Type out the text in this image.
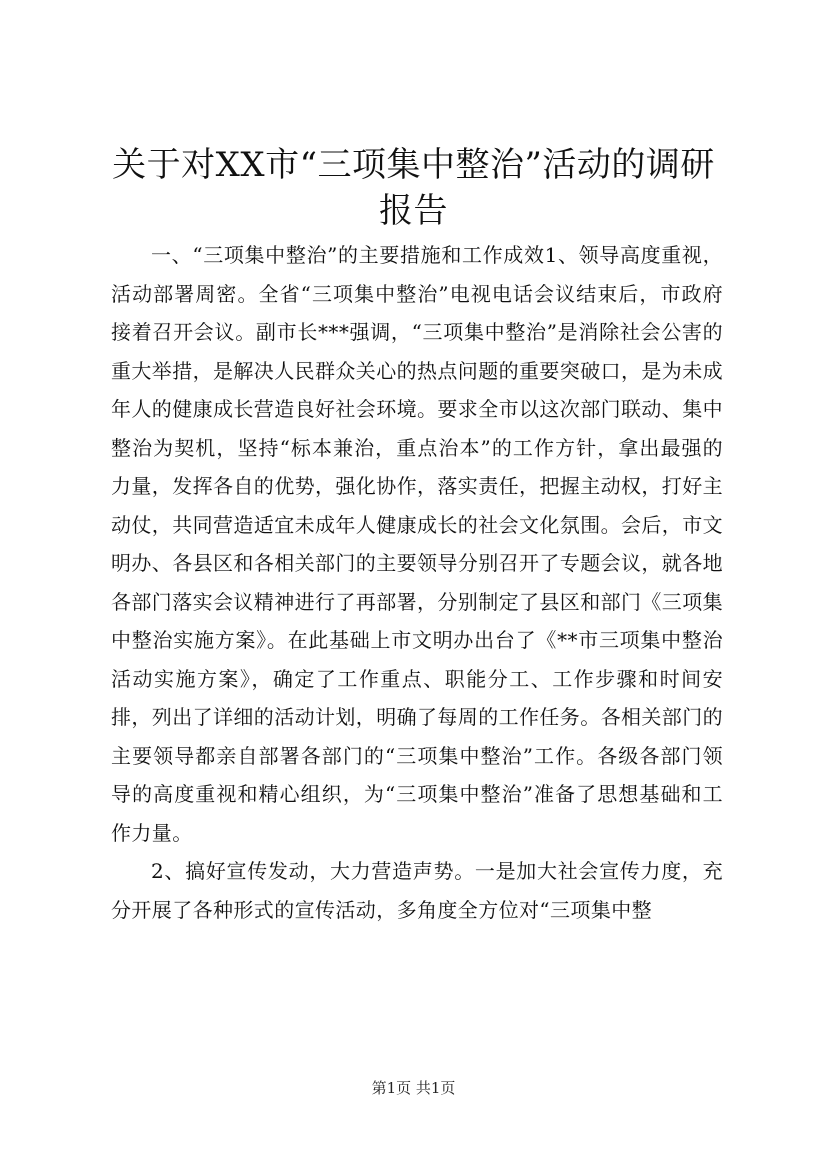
关于对XX市“三项集中整治”活动的调研报告

一、“三项集中整治”的主要措施和工作成效1、领导高度重视，活动部署周密。全省“三项集中整治”电视电话会议结束后，市政府接着召开会议。副市长***强调，“三项集中整治”是消除社会公害的重大举措，是解决人民群众关心的热点问题的重要突破口，是为未成年人的健康成长营造良好社会环境。要求全市以这次部门联动、集中整治为契机，坚持“标本兼治，重点治本”的工作方针，拿出最强的力量，发挥各自的优势，强化协作，落实责任，把握主动权，打好主动仗，共同营造适宜未成年人健康成长的社会文化氛围。会后，市文明办、各县区和各相关部门的主要领导分别召开了专题会议，就各地各部门落实会议精神进行了再部署，分别制定了县区和部门《三项集中整治实施方案》。在此基础上市文明办出台了《**市三项集中整治活动实施方案》，确定了工作重点、职能分工、工作步骤和时间安排，列出了详细的活动计划，明确了每周的工作任务。各相关部门的主要领导都亲自部署各部门的“三项集中整治”工作。各级各部门领导的高度重视和精心组织，为“三项集中整治”准备了思想基础和工作力量。

2、搞好宣传发动，大力营造声势。一是加大社会宣传力度，充分开展了各种形式的宣传活动，多角度全方位对“三项集中整

第1页 共1页
